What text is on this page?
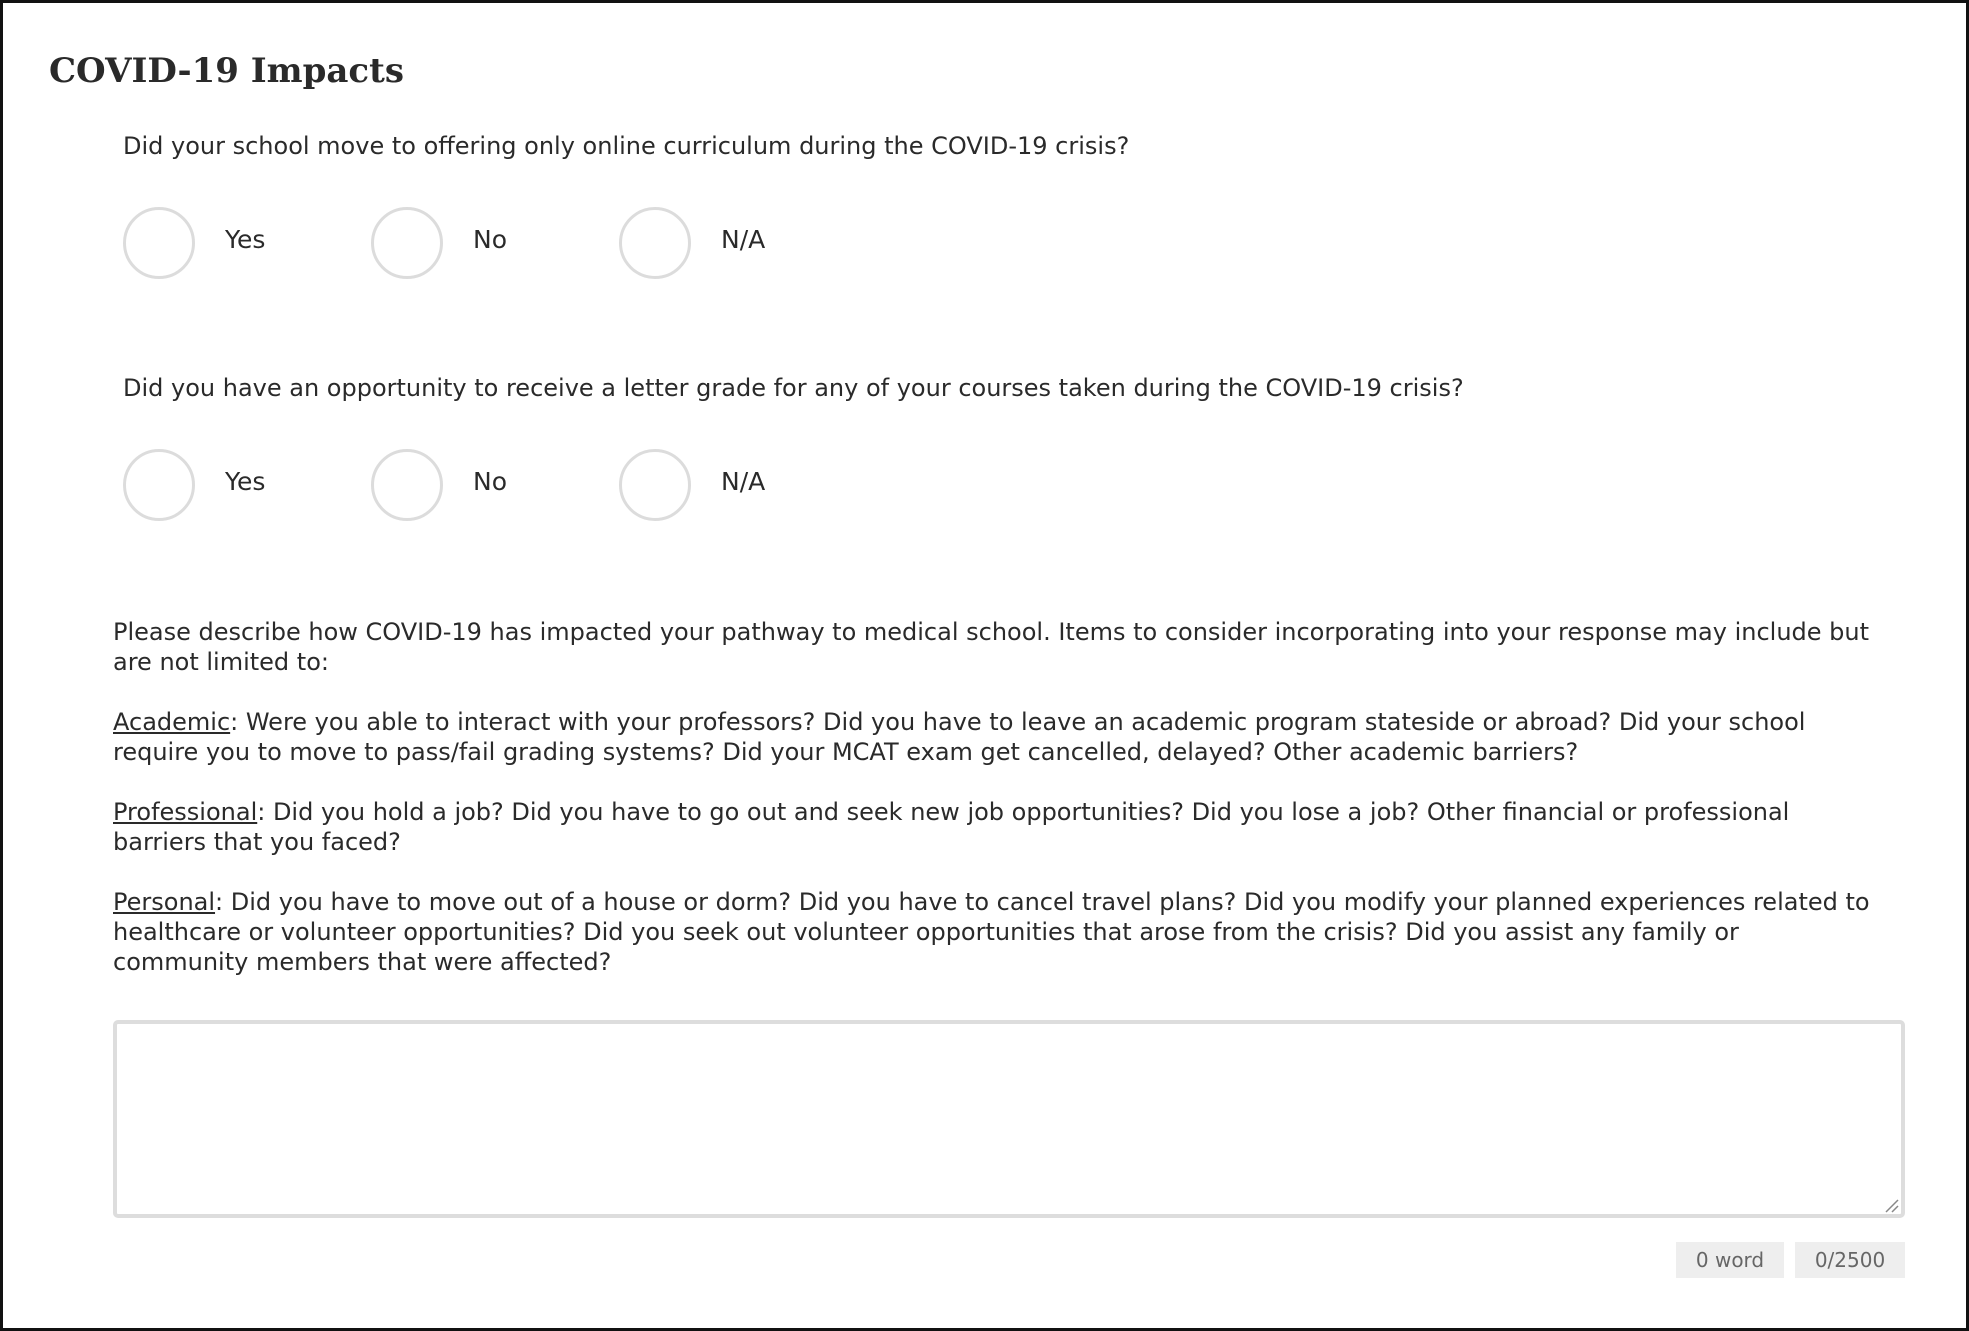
COVID-19 Impacts
Did your school move to offering only online curriculum during the COVID-19 crisis?
Yes	No	N/A
Did you have an opportunity to receive a letter grade for any of your courses taken during the COVID-19 crisis?
Yes	No	N/A

Please describe how COVID-19 has impacted your pathway to medical school. Items to consider incorporating into your response may include but are not limited to:

Academic: Were you able to interact with your professors? Did you have to leave an academic program stateside or abroad? Did your school require you to move to pass/fail grading systems? Did your MCAT exam get cancelled, delayed? Other academic barriers?

Professional: Did you hold a job? Did you have to go out and seek new job opportunities? Did you lose a job? Other financial or professional barriers that you faced?

Personal: Did you have to move out of a house or dorm? Did you have to cancel travel plans? Did you modify your planned experiences related to healthcare or volunteer opportunities? Did you seek out volunteer opportunities that arose from the crisis? Did you assist any family or community members that were affected?

0 word	0/2500
